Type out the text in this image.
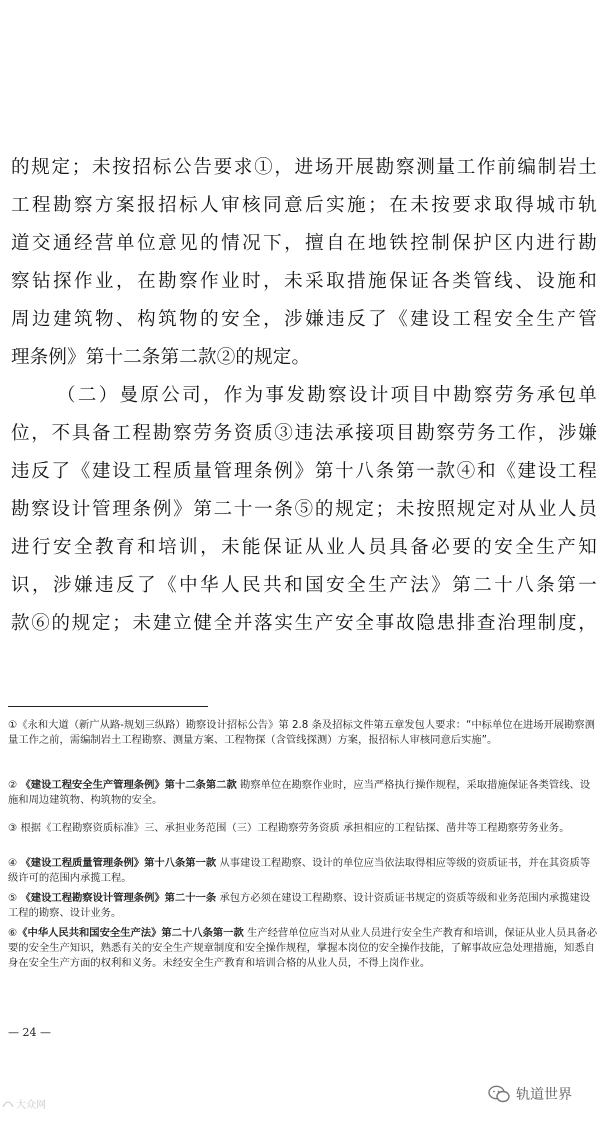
的规定；未按招标公告要求①，进场开展勘察测量工作前编制岩土
工程勘察方案报招标人审核同意后实施；在未按要求取得城市轨
道交通经营单位意见的情况下，擅自在地铁控制保护区内进行勘
察钻探作业，在勘察作业时，未采取措施保证各类管线、设施和
周边建筑物、构筑物的安全，涉嫌违反了《建设工程安全生产管
理条例》第十二条第二款②的规定。
（二）曼原公司，作为事发勘察设计项目中勘察劳务承包单
位，不具备工程勘察劳务资质③违法承接项目勘察劳务工作，涉嫌
违反了《建设工程质量管理条例》第十八条第一款④和《建设工程
勘察设计管理条例》第二十一条⑤的规定；未按照规定对从业人员
进行安全教育和培训，未能保证从业人员具备必要的安全生产知
识，涉嫌违反了《中华人民共和国安全生产法》第二十八条第一
款⑥的规定；未建立健全并落实生产安全事故隐患排查治理制度，
①《永和大道（新广从路-规划三纵路）勘察设计招标公告》第 2.8 条及招标文件第五章发包人要求：“中标单位在进场开展勘察测量工作之前，需编制岩土工程勘察、测量方案、工程物探（含管线探测）方案，报招标人审核同意后实施”。
② 《建设工程安全生产管理条例》第十二条第二款 勘察单位在勘察作业时，应当严格执行操作规程，采取措施保证各类管线、设施和周边建筑物、构筑物的安全。
③ 根据《工程勘察资质标准》三、承担业务范围（三）工程勘察劳务资质 承担相应的工程钻探、凿井等工程勘察劳务业务。
④ 《建设工程质量管理条例》第十八条第一款 从事建设工程勘察、设计的单位应当依法取得相应等级的资质证书，并在其资质等级许可的范围内承揽工程。
⑤ 《建设工程勘察设计管理条例》第二十一条 承包方必须在建设工程勘察、设计资质证书规定的资质等级和业务范围内承揽建设工程的勘察、设计业务。
⑥《中华人民共和国安全生产法》第二十八条第一款 生产经营单位应当对从业人员进行安全生产教育和培训，保证从业人员具备必要的安全生产知识，熟悉有关的安全生产规章制度和安全操作规程，掌握本岗位的安全操作技能，了解事故应急处理措施，知悉自身在安全生产方面的权利和义务。未经安全生产教育和培训合格的从业人员，不得上岗作业。
— 24 —
大众网
轨道世界
